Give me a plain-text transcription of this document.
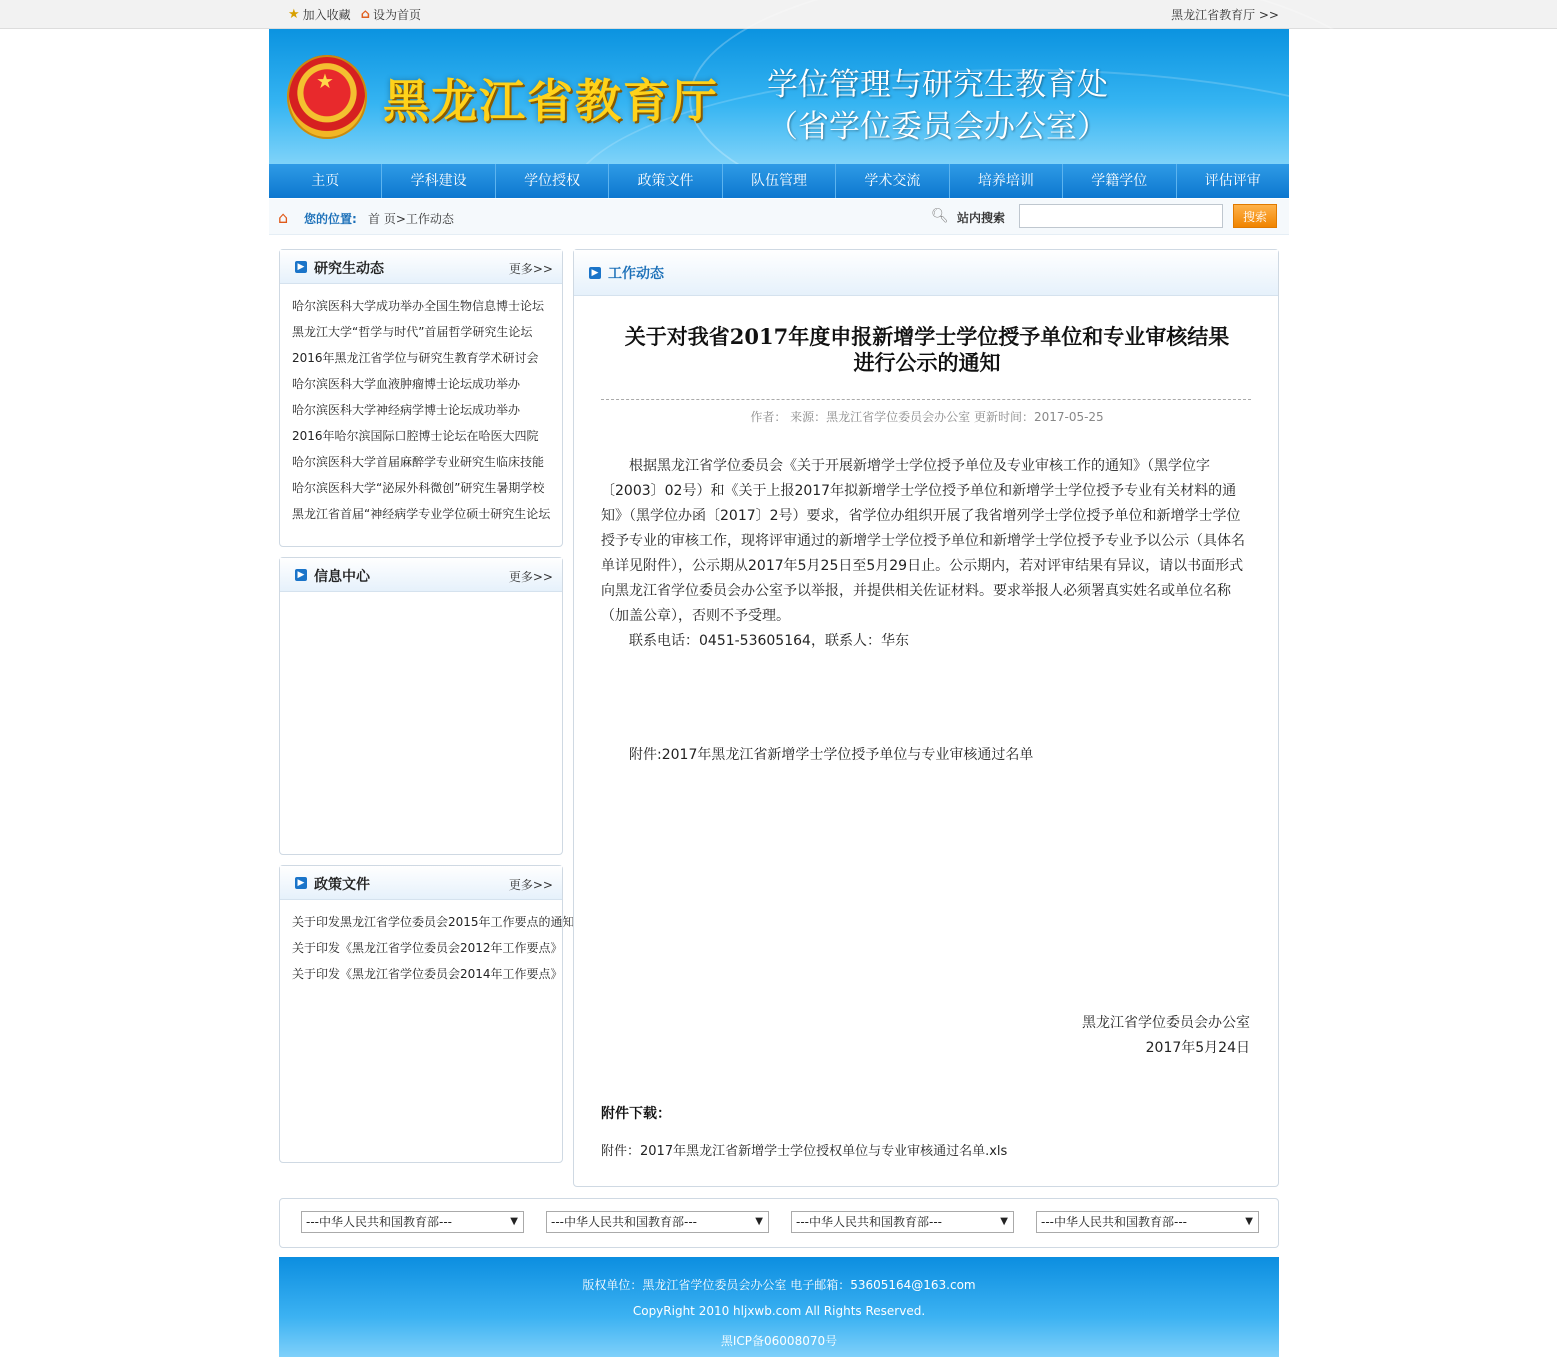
★ 加入收藏 ⌂ 设为首页	黑龙江省教育厅 >>
★ 黑龙江省教育厅 学位管理与研究生教育处
（省学位委员会办公室）
主页	学科建设	学位授权	政策文件	队伍管理	学术交流	培养培训	学籍学位	评估评审
⌂ 您的位置: 首 页>工作动态	🔍︎ 站内搜索	搜索
▶ 研究生动态	更多>>
哈尔滨医科大学成功举办全国生物信息博士论坛
黑龙江大学“哲学与时代”首届哲学研究生论坛
2016年黑龙江省学位与研究生教育学术研讨会
哈尔滨医科大学血液肿瘤博士论坛成功举办
哈尔滨医科大学神经病学博士论坛成功举办
2016年哈尔滨国际口腔博士论坛在哈医大四院
哈尔滨医科大学首届麻醉学专业研究生临床技能
哈尔滨医科大学“泌尿外科微创”研究生暑期学校
黑龙江省首届“神经病学专业学位硕士研究生论坛
▶ 信息中心	更多>>
▶ 政策文件	更多>>
关于印发黑龙江省学位委员会2015年工作要点的通知
关于印发《黑龙江省学位委员会2012年工作要点》
关于印发《黑龙江省学位委员会2014年工作要点》
▶ 工作动态
关于对我省2017年度申报新增学士学位授予单位和专业审核结果
进行公示的通知
作者： 来源：黑龙江省学位委员会办公室 更新时间：2017-05-25

根据黑龙江省学位委员会《关于开展新增学士学位授予单位及专业审核工作的通知》（黑学位字〔2003〕02号）和《关于上报2017年拟新增学士学位授予单位和新增学士学位授予专业有关材料的通知》（黑学位办函〔2017〕2号）要求，省学位办组织开展了我省增列学士学位授予单位和新增学士学位授予专业的审核工作，现将评审通过的新增学士学位授予单位和新增学士学位授予专业予以公示（具体名单详见附件），公示期从2017年5月25日至5月29日止。公示期内，若对评审结果有异议，请以书面形式向黑龙江省学位委员会办公室予以举报，并提供相关佐证材料。要求举报人必须署真实姓名或单位名称（加盖公章），否则不予受理。

联系电话：0451-53605164，联系人：华东

附件:2017年黑龙江省新增学士学位授予单位与专业审核通过名单
黑龙江省学位委员会办公室
2017年5月24日
附件下载：
附件：2017年黑龙江省新增学士学位授权单位与专业审核通过名单.xls
---中华人民共和国教育部---	▼	---中华人民共和国教育部---	▼	---中华人民共和国教育部---	▼	---中华人民共和国教育部---	▼
版权单位：黑龙江省学位委员会办公室 电子邮箱：53605164@163.com
CopyRight 2010 hljxwb.com All Rights Reserved.
黑ICP备06008070号
